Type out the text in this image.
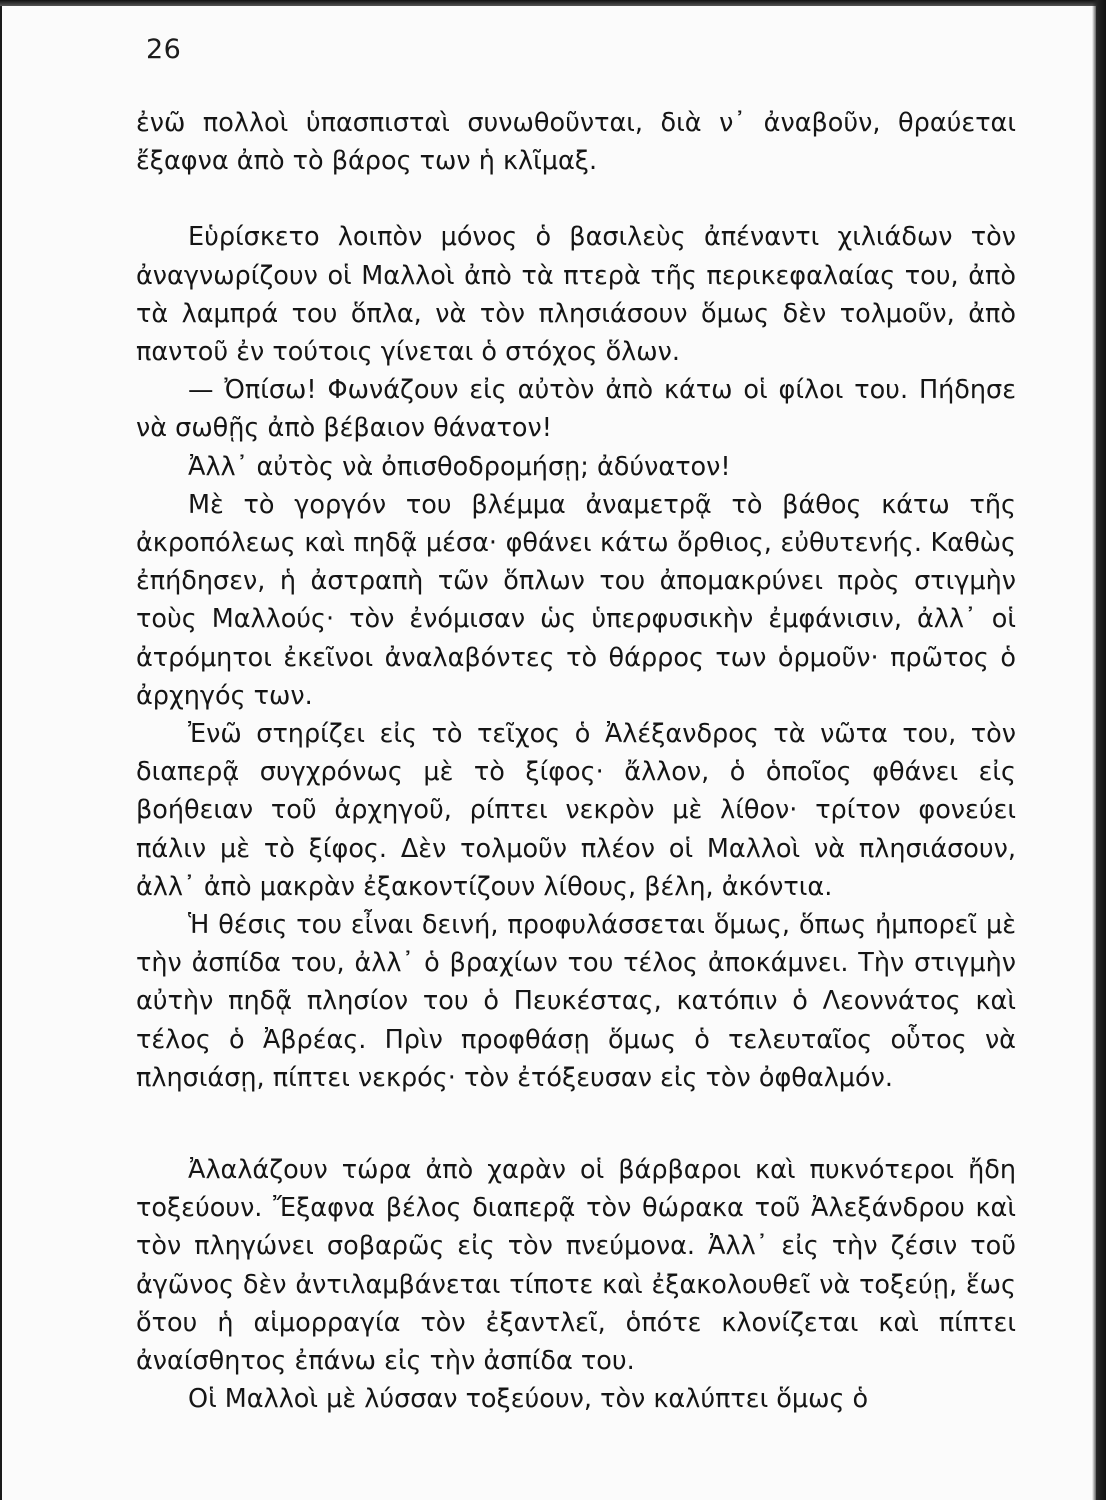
26

ἐνῶ πολλοὶ ὑπασπισταὶ συνωθοῦνται, διὰ ν᾽ ἀναβοῦν, θραύεται ἔξαφνα ἀπὸ τὸ βάρος των ἡ κλῖμαξ.

Εὑρίσκετο λοιπὸν μόνος ὁ βασιλεὺς ἀπέναντι χιλιάδων τὸν ἀναγνωρίζουν οἱ Μαλλοὶ ἀπὸ τὰ πτερὰ τῆς περικεφαλαίας του, ἀπὸ τὰ λαμπρά του ὅπλα, νὰ τὸν πλησιάσουν ὅμως δὲν τολμοῦν, ἀπὸ παντοῦ ἐν τούτοις γίνεται ὁ στόχος ὅλων.

— Ὀπίσω! Φωνάζουν εἰς αὐτὸν ἀπὸ κάτω οἱ φίλοι του. Πήδησε νὰ σωθῇς ἀπὸ βέβαιον θάνατον!

Ἀλλ᾽ αὐτὸς νὰ ὀπισθοδρομήσῃ; ἀδύνατον!

Μὲ τὸ γοργόν του βλέμμα ἀναμετρᾷ τὸ βάθος κάτω τῆς ἀκροπόλεως καὶ πηδᾷ μέσα· φθάνει κάτω ὄρθιος, εὐθυτενής. Καθὼς ἐπήδησεν, ἡ ἀστραπὴ τῶν ὅπλων του ἀπομακρύνει πρὸς στιγμὴν τοὺς Μαλλούς· τὸν ἐνόμισαν ὡς ὑπερφυσικὴν ἐμφάνισιν, ἀλλ᾽ οἱ ἀτρόμητοι ἐκεῖνοι ἀναλαβόντες τὸ θάρρος των ὁρμοῦν· πρῶτος ὁ ἀρχηγός των.

Ἐνῶ στηρίζει εἰς τὸ τεῖχος ὁ Ἀλέξανδρος τὰ νῶτα του, τὸν διαπερᾷ συγχρόνως μὲ τὸ ξίφος· ἄλλον, ὁ ὁποῖος φθάνει εἰς βοήθειαν τοῦ ἀρχηγοῦ, ρίπτει νεκρὸν μὲ λίθον· τρίτον φονεύει πάλιν μὲ τὸ ξίφος. Δὲν τολμοῦν πλέον οἱ Μαλλοὶ νὰ πλησιάσουν, ἀλλ᾽ ἀπὸ μακρὰν ἐξακοντίζουν λίθους, βέλη, ἀκόντια.

Ἡ θέσις του εἶναι δεινή, προφυλάσσεται ὅμως, ὅπως ἠμπορεῖ μὲ τὴν ἀσπίδα του, ἀλλ᾽ ὁ βραχίων του τέλος ἀποκάμνει. Τὴν στιγμὴν αὐτὴν πηδᾷ πλησίον του ὁ Πευκέστας, κατόπιν ὁ Λεοννάτος καὶ τέλος ὁ Ἀβρέας. Πρὶν προφθάσῃ ὅμως ὁ τελευταῖος οὗτος νὰ πλησιάσῃ, πίπτει νεκρός· τὸν ἐτόξευσαν εἰς τὸν ὀφθαλμόν.

Ἀλαλάζουν τώρα ἀπὸ χαρὰν οἱ βάρβαροι καὶ πυκνότεροι ἤδη τοξεύουν. Ἔξαφνα βέλος διαπερᾷ τὸν θώρακα τοῦ Ἀλεξάνδρου καὶ τὸν πληγώνει σοβαρῶς εἰς τὸν πνεύμονα. Ἀλλ᾽ εἰς τὴν ζέσιν τοῦ ἀγῶνος δὲν ἀντιλαμβάνεται τίποτε καὶ ἐξακολουθεῖ νὰ τοξεύῃ, ἕως ὅτου ἡ αἱμορραγία τὸν ἐξαντλεῖ, ὁπότε κλονίζεται καὶ πίπτει ἀναίσθητος ἐπάνω εἰς τὴν ἀσπίδα του.

Οἱ Μαλλοὶ μὲ λύσσαν τοξεύουν, τὸν καλύπτει ὅμως ὁ
